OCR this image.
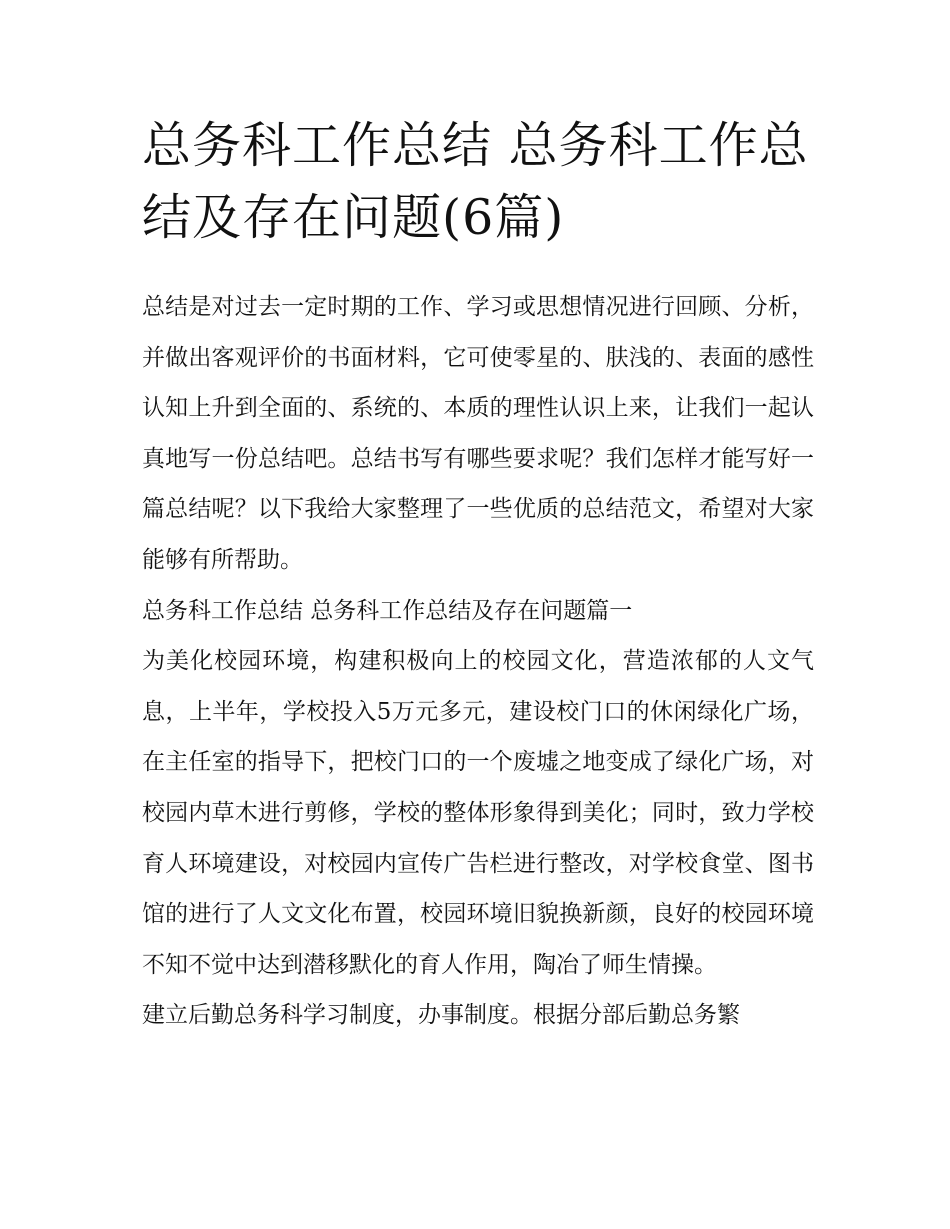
总务科工作总结 总务科工作总结及存在问题(6篇)

总结是对过去一定时期的工作、学习或思想情况进行回顾、分析，并做出客观评价的书面材料，它可使零星的、肤浅的、表面的感性认知上升到全面的、系统的、本质的理性认识上来，让我们一起认真地写一份总结吧。总结书写有哪些要求呢？我们怎样才能写好一篇总结呢？以下我给大家整理了一些优质的总结范文，希望对大家能够有所帮助。

总务科工作总结 总务科工作总结及存在问题篇一

为美化校园环境，构建积极向上的校园文化，营造浓郁的人文气息，上半年，学校投入5万元多元，建设校门口的休闲绿化广场，在主任室的指导下，把校门口的一个废墟之地变成了绿化广场，对校园内草木进行剪修，学校的整体形象得到美化；同时，致力学校育人环境建设，对校园内宣传广告栏进行整改，对学校食堂、图书馆的进行了人文文化布置，校园环境旧貌换新颜，良好的校园环境不知不觉中达到潜移默化的育人作用，陶冶了师生情操。

建立后勤总务科学习制度，办事制度。根据分部后勤总务繁
